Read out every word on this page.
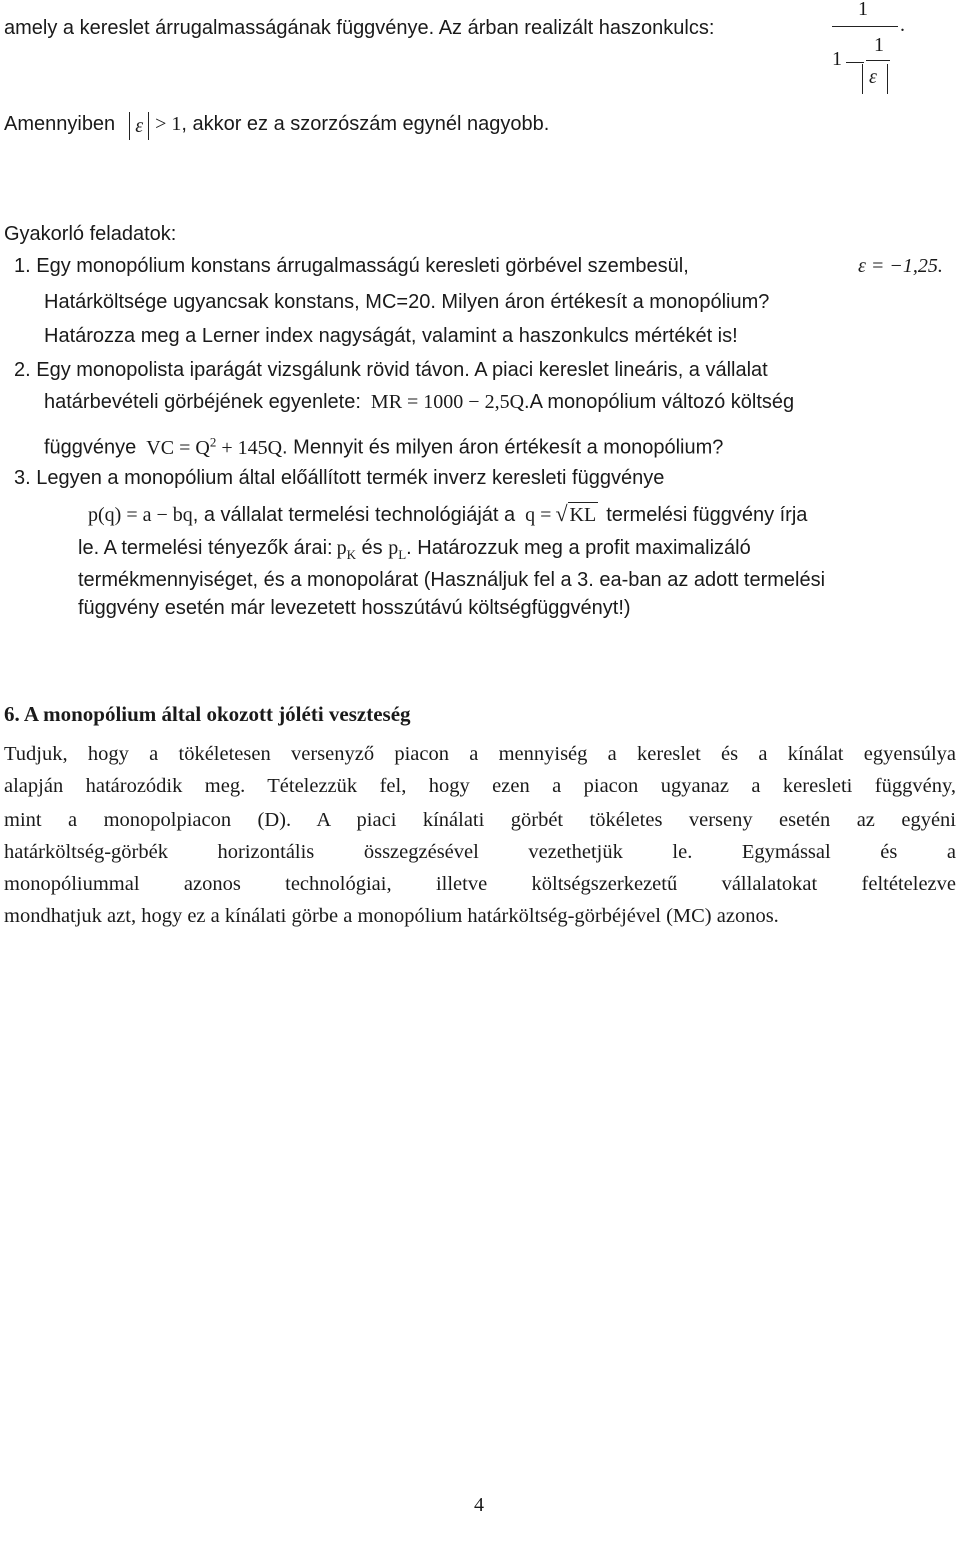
amely a kereslet árrugalmasságának függvénye. Az árban realizált haszonkulcs:
1
.
1
1
ε
Amennyiben ε > 1, akkor ez a szorzószám egynél nagyobb.
Gyakorló feladatok:
1. Egy monopólium konstans árrugalmasságú keresleti görbével szembesül,	ε = −1,25.
Határköltsége ugyancsak konstans, MC=20. Milyen áron értékesít a monopólium?
Határozza meg a Lerner index nagyságát, valamint a haszonkulcs mértékét is!
2. Egy monopolista iparágát vizsgálunk rövid távon. A piaci kereslet lineáris, a vállalat
határbevételi görbéjének egyenlete: MR = 1000 − 2,5Q.A monopólium változó költség
függvénye VC = $Q^2 + 145Q$. Mennyit és milyen áron értékesít a monopólium?
3. Legyen a monopólium által előállított termék inverz keresleti függvénye
p(q) = a − bq, a vállalat termelési technológiáját a q = √ KL termelési függvény írja
le. A termelési tényezők árai: $p_K$ és $p_L$. Határozzuk meg a profit maximalizáló
termékmennyiséget, és a monopolárat (Használjuk fel a 3. ea-ban az adott termelési
függvény esetén már levezetett hosszútávú költségfüggvényt!)
6. A monopólium által okozott jóléti veszteség
Tudjuk, hogy a tökéletesen versenyző piacon a mennyiség a kereslet és a kínálat egyensúlya
alapján határozódik meg. Tételezzük fel, hogy ezen a piacon ugyanaz a keresleti függvény,
mint a monopolpiacon (D). A piaci kínálati görbét tökéletes verseny esetén az egyéni
határköltség-görbék horizontális összegzésével vezethetjük le. Egymással és a
monopóliummal azonos technológiai, illetve költségszerkezetű vállalatokat feltételezve
mondhatjuk azt, hogy ez a kínálati görbe a monopólium határköltség-görbéjével (MC) azonos.
4
